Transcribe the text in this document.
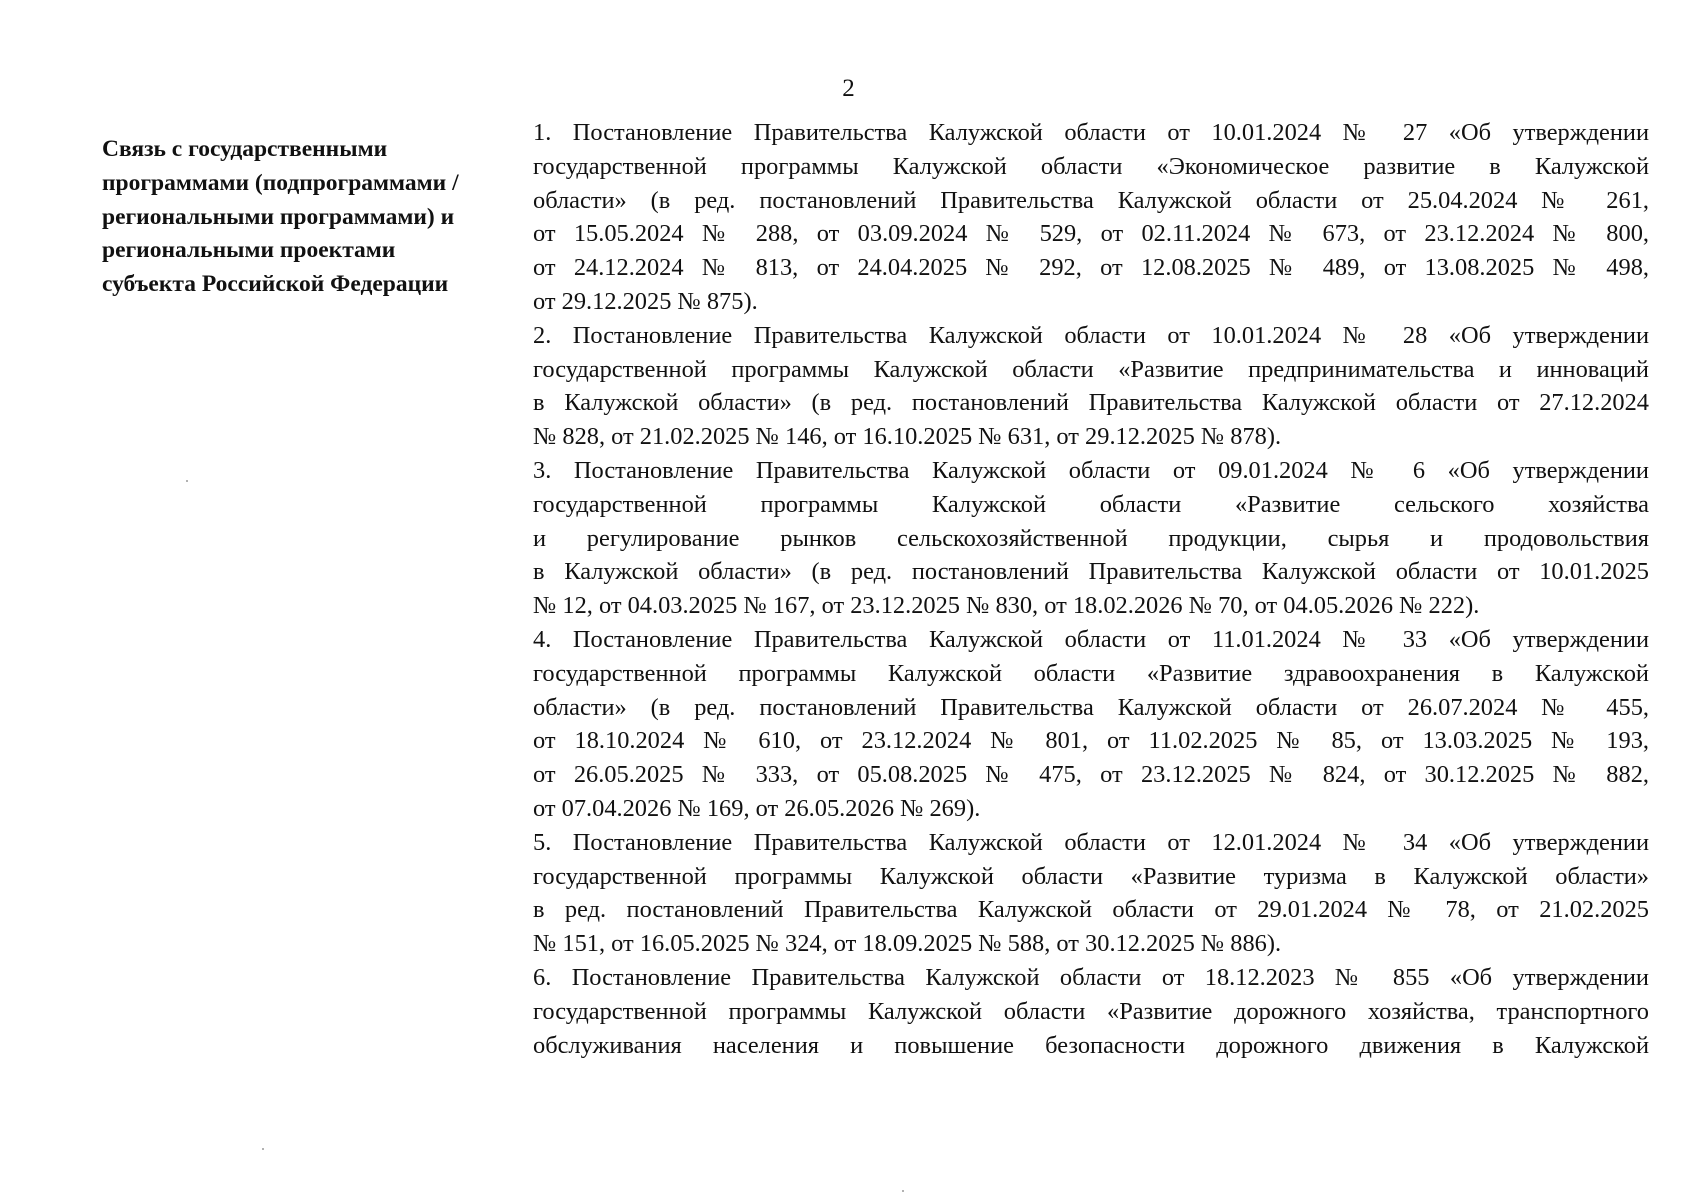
2
Связь с государственными
программами (подпрограммами /
региональными программами) и
региональными проектами
субъекта Российской Федерации
1. Постановление Правительства Калужской области от 10.01.2024 № 27 «Об утверждении
государственной программы Калужской области «Экономическое развитие в Калужской
области» (в ред. постановлений Правительства Калужской области от 25.04.2024 № 261,
от 15.05.2024 № 288, от 03.09.2024 № 529, от 02.11.2024 № 673, от 23.12.2024 № 800,
от 24.12.2024 № 813, от 24.04.2025 № 292, от 12.08.2025 № 489, от 13.08.2025 № 498,
от 29.12.2025 № 875).
2. Постановление Правительства Калужской области от 10.01.2024 № 28 «Об утверждении
государственной программы Калужской области «Развитие предпринимательства и инноваций
в Калужской области» (в ред. постановлений Правительства Калужской области от 27.12.2024
№ 828, от 21.02.2025 № 146, от 16.10.2025 № 631, от 29.12.2025 № 878).
3. Постановление Правительства Калужской области от 09.01.2024 № 6 «Об утверждении
государственной программы Калужской области «Развитие сельского хозяйства
и регулирование рынков сельскохозяйственной продукции, сырья и продовольствия
в Калужской области» (в ред. постановлений Правительства Калужской области от 10.01.2025
№ 12, от 04.03.2025 № 167, от 23.12.2025 № 830, от 18.02.2026 № 70, от 04.05.2026 № 222).
4. Постановление Правительства Калужской области от 11.01.2024 № 33 «Об утверждении
государственной программы Калужской области «Развитие здравоохранения в Калужской
области» (в ред. постановлений Правительства Калужской области от 26.07.2024 № 455,
от 18.10.2024 № 610, от 23.12.2024 № 801, от 11.02.2025 № 85, от 13.03.2025 № 193,
от 26.05.2025 № 333, от 05.08.2025 № 475, от 23.12.2025 № 824, от 30.12.2025 № 882,
от 07.04.2026 № 169, от 26.05.2026 № 269).
5. Постановление Правительства Калужской области от 12.01.2024 № 34 «Об утверждении
государственной программы Калужской области «Развитие туризма в Калужской области»
в ред. постановлений Правительства Калужской области от 29.01.2024 № 78, от 21.02.2025
№ 151, от 16.05.2025 № 324, от 18.09.2025 № 588, от 30.12.2025 № 886).
6. Постановление Правительства Калужской области от 18.12.2023 № 855 «Об утверждении
государственной программы Калужской области «Развитие дорожного хозяйства, транспортного
обслуживания населения и повышение безопасности дорожного движения в Калужской
